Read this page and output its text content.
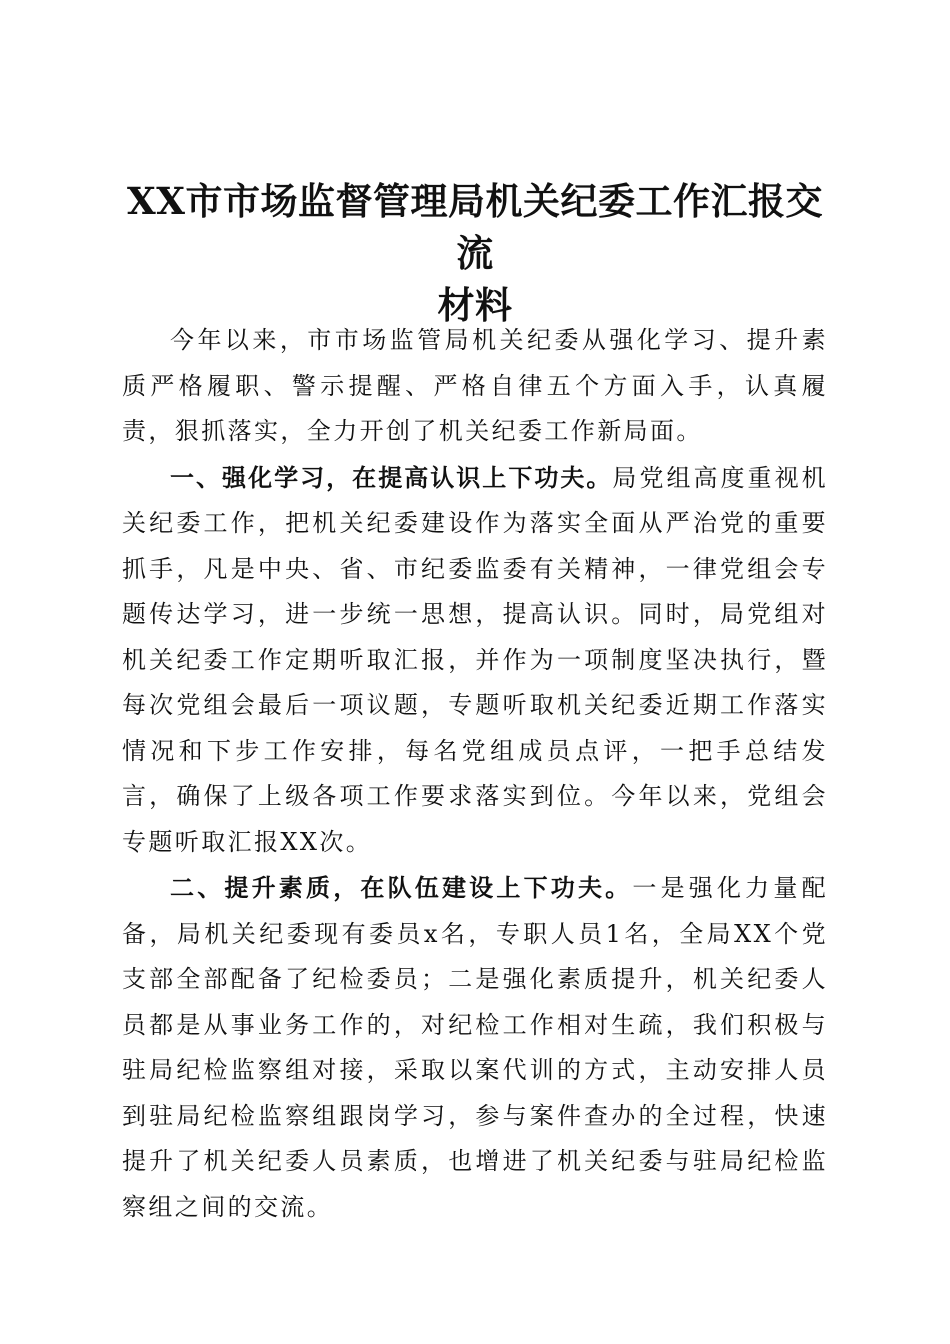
XX市市场监督管理局机关纪委工作汇报交流
材料

今年以来，市市场监管局机关纪委从强化学习、提升素质严格履职、警示提醒、严格自律五个方面入手，认真履责，狠抓落实，全力开创了机关纪委工作新局面。

一、强化学习，在提高认识上下功夫。局党组高度重视机关纪委工作，把机关纪委建设作为落实全面从严治党的重要抓手，凡是中央、省、市纪委监委有关精神，一律党组会专题传达学习，进一步统一思想，提高认识。同时，局党组对机关纪委工作定期听取汇报，并作为一项制度坚决执行，暨每次党组会最后一项议题，专题听取机关纪委近期工作落实情况和下步工作安排，每名党组成员点评，一把手总结发言，确保了上级各项工作要求落实到位。今年以来，党组会专题听取汇报XX次。

二、提升素质，在队伍建设上下功夫。一是强化力量配备，局机关纪委现有委员x名，专职人员1名，全局XX个党支部全部配备了纪检委员；二是强化素质提升，机关纪委人员都是从事业务工作的，对纪检工作相对生疏，我们积极与驻局纪检监察组对接，采取以案代训的方式，主动安排人员到驻局纪检监察组跟岗学习，参与案件查办的全过程，快速提升了机关纪委人员素质，也增进了机关纪委与驻局纪检监察组之间的交流。
